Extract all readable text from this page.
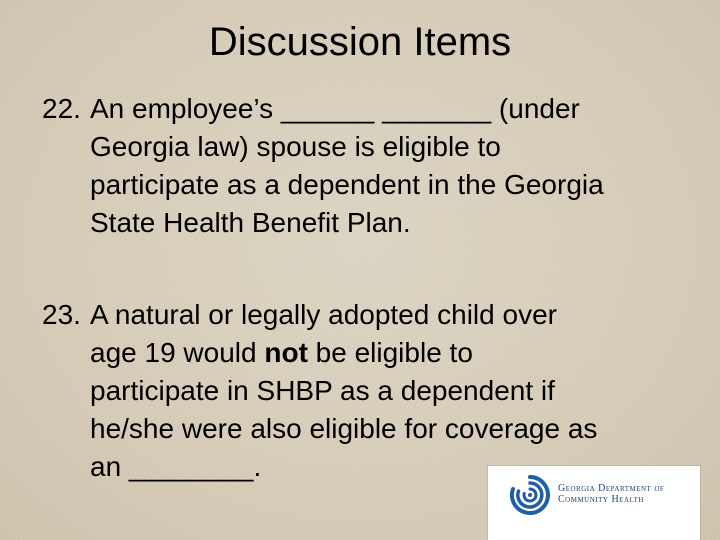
Discussion Items
22. An employee’s ______ _______ (under
Georgia law) spouse is eligible to
participate as a dependent in the Georgia
State Health Benefit Plan.
23. A natural or legally adopted child over
age 19 would not be eligible to
participate in SHBP as a dependent if
he/she were also eligible for coverage as
an ________.
Georgia Department of
Community Health
